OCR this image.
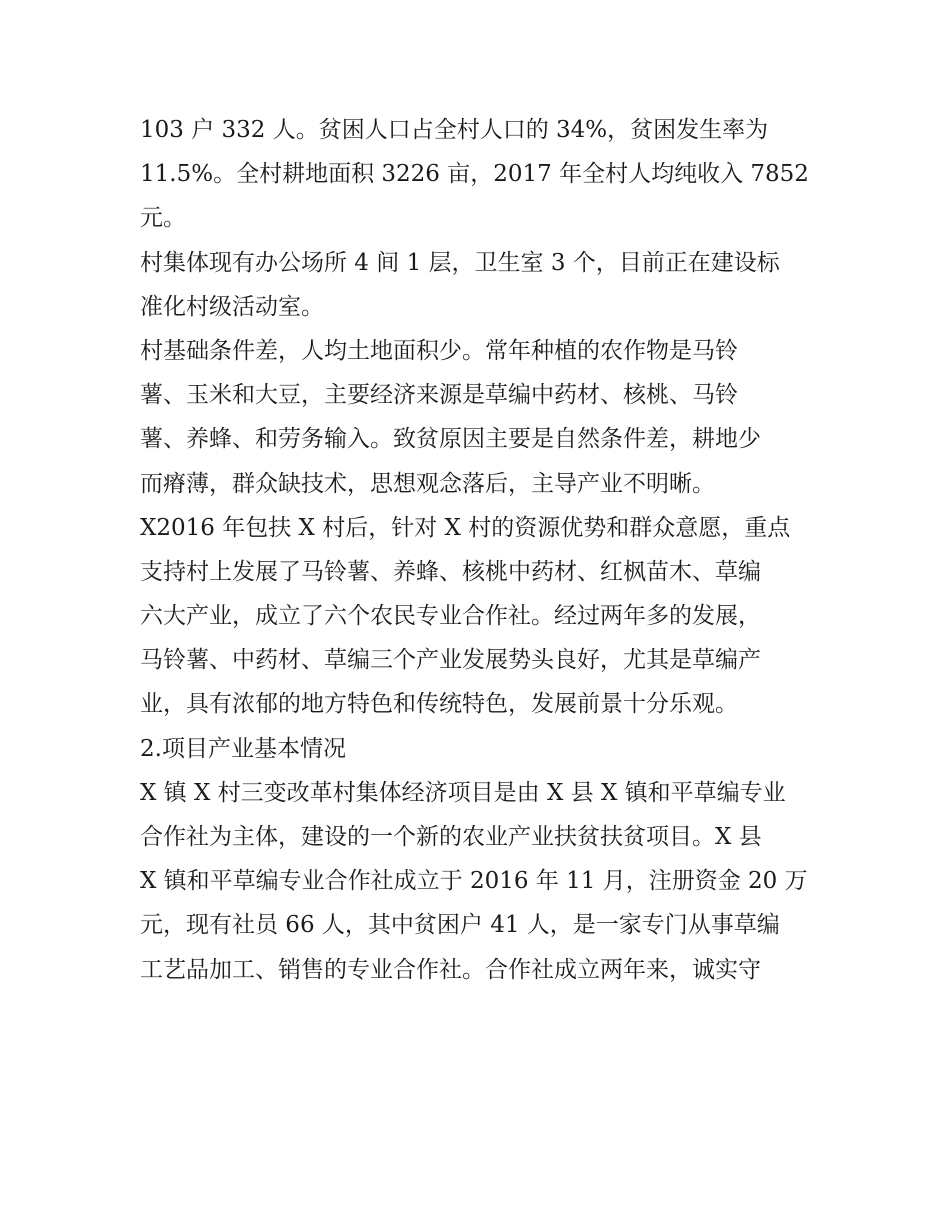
103 户 332 人。贫困人口占全村人口的 34%，贫困发生率为
11.5%。全村耕地面积 3226 亩，2017 年全村人均纯收入 7852
元。
村集体现有办公场所 4 间 1 层，卫生室 3 个，目前正在建设标
准化村级活动室。
村基础条件差，人均土地面积少。常年种植的农作物是马铃
薯、玉米和大豆，主要经济来源是草编中药材、核桃、马铃
薯、养蜂、和劳务输入。致贫原因主要是自然条件差，耕地少
而瘠薄，群众缺技术，思想观念落后，主导产业不明晰。
X2016 年包扶 X 村后，针对 X 村的资源优势和群众意愿，重点
支持村上发展了马铃薯、养蜂、核桃中药材、红枫苗木、草编
六大产业，成立了六个农民专业合作社。经过两年多的发展，
马铃薯、中药材、草编三个产业发展势头良好，尤其是草编产
业，具有浓郁的地方特色和传统特色，发展前景十分乐观。
2.项目产业基本情况
X 镇 X 村三变改革村集体经济项目是由 X 县 X 镇和平草编专业
合作社为主体，建设的一个新的农业产业扶贫扶贫项目。X 县
X 镇和平草编专业合作社成立于 2016 年 11 月，注册资金 20 万
元，现有社员 66 人，其中贫困户 41 人，是一家专门从事草编
工艺品加工、销售的专业合作社。合作社成立两年来，诚实守
